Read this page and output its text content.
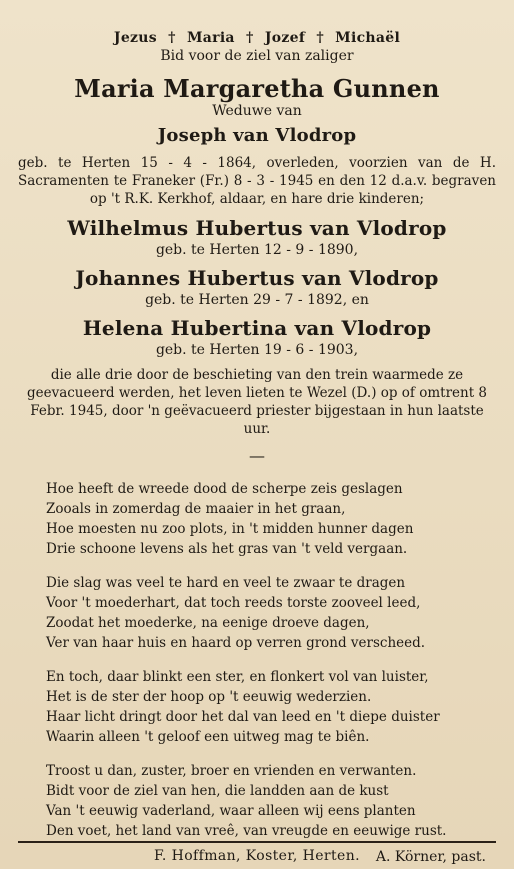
Jezus † Maria † Jozef † Michaël
Bid voor de ziel van zaliger
Maria Margaretha Gunnen
Weduwe van
Joseph van Vlodrop
geb. te Herten 15 - 4 - 1864, overleden, voorzien van de H. Sacramenten te Franeker (Fr.) 8 - 3 - 1945 en den 12 d.a.v. begraven op 't R.K. Kerkhof, aldaar, en hare drie kinderen;
Wilhelmus Hubertus van Vlodrop
geb. te Herten 12 - 9 - 1890,
Johannes Hubertus van Vlodrop
geb. te Herten 29 - 7 - 1892, en
Helena Hubertina van Vlodrop
geb. te Herten 19 - 6 - 1903,
die alle drie door de beschieting van den trein waarmede ze geevacueerd werden, het leven lieten te Wezel (D.) op of omtrent 8 Febr. 1945, door 'n geëvacueerd priester bijgestaan in hun laatste uur.
—
Hoe heeft de wreede dood de scherpe zeis geslagen
Zooals in zomerdag de maaier in het graan,
Hoe moesten nu zoo plots, in 't midden hunner dagen
Drie schoone levens als het gras van 't veld vergaan.
Die slag was veel te hard en veel te zwaar te dragen
Voor 't moederhart, dat toch reeds torste zooveel leed,
Zoodat het moederke, na eenige droeve dagen,
Ver van haar huis en haard op verren grond verscheed.
En toch, daar blinkt een ster, en flonkert vol van luister,
Het is de ster der hoop op 't eeuwig wederzien.
Haar licht dringt door het dal van leed en 't diepe duister
Waarin alleen 't geloof een uitweg mag te biên.
Troost u dan, zuster, broer en vrienden en verwanten.
Bidt voor de ziel van hen, die landden aan de kust
Van 't eeuwig vaderland, waar alleen wij eens planten
Den voet, het land van vreê, van vreugde en eeuwige rust.
A. Körner, past.
F. Hoffman, Koster, Herten.
